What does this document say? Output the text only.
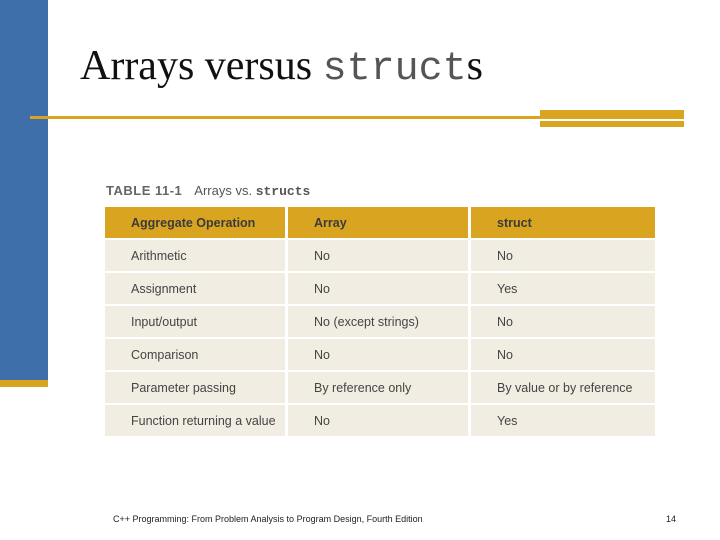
Arrays versus structs
TABLE 11-1 Arrays vs. structs
Aggregate Operation	Array	struct
Arithmetic	No	No
Assignment	No	Yes
Input/output	No (except strings)	No
Comparison	No	No
Parameter passing	By reference only	By value or by reference
Function returning a value	No	Yes
C++ Programming: From Problem Analysis to Program Design, Fourth Edition	14
